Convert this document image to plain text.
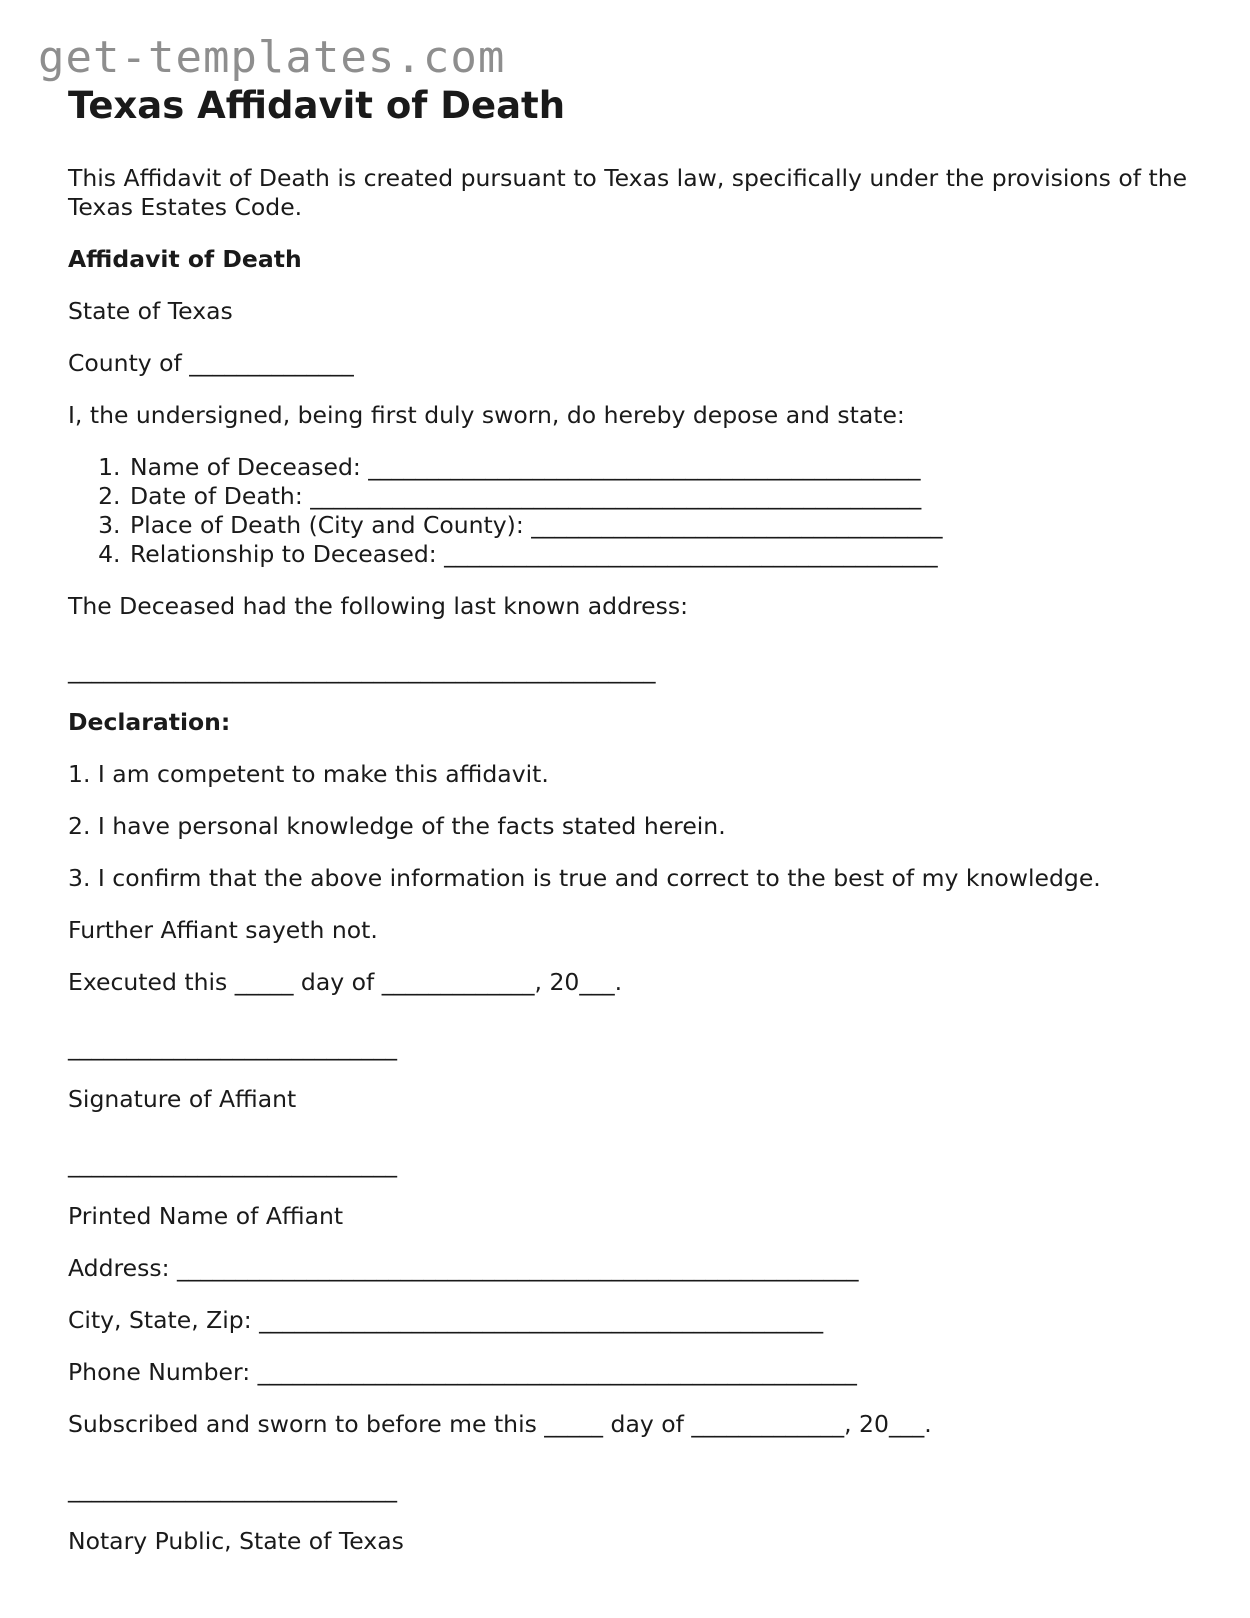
get-templates.com
Texas Affidavit of Death

This Affidavit of Death is created pursuant to Texas law, specifically under the provisions of the Texas Estates Code.

Affidavit of Death

State of Texas

County of ______________

I, the undersigned, being first duly sworn, do hereby depose and state:

1. Name of Deceased: _______________________________________________
2. Date of Death: ____________________________________________________
3. Place of Death (City and County): ___________________________________
4. Relationship to Deceased: __________________________________________

The Deceased had the following last known address:

__________________________________________________

Declaration:

1. I am competent to make this affidavit.

2. I have personal knowledge of the facts stated herein.

3. I confirm that the above information is true and correct to the best of my knowledge.

Further Affiant sayeth not.

Executed this _____ day of _____________, 20___.

____________________________

Signature of Affiant

____________________________

Printed Name of Affiant

Address: __________________________________________________________

City, State, Zip: ________________________________________________

Phone Number: ___________________________________________________

Subscribed and sworn to before me this _____ day of _____________, 20___.

____________________________

Notary Public, State of Texas
